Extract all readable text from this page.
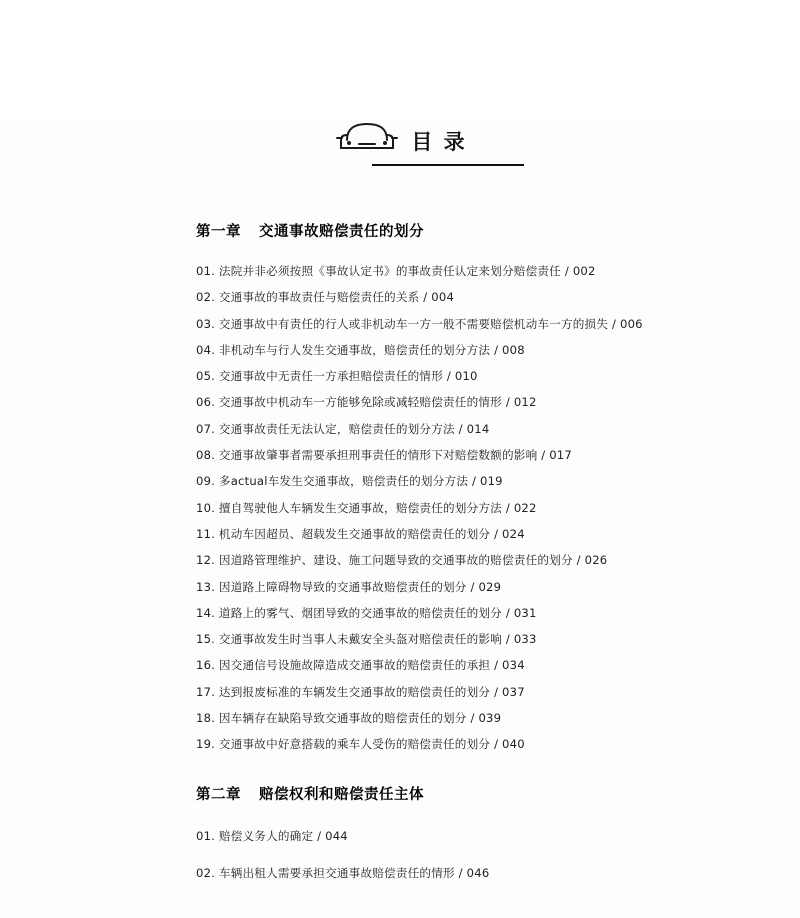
目 录
第一章 交通事故赔偿责任的划分
01. 法院并非必须按照《事故认定书》的事故责任认定来划分赔偿责任 / 002
02. 交通事故的事故责任与赔偿责任的关系 / 004
03. 交通事故中有责任的行人或非机动车一方一般不需要赔偿机动车一方的损失 / 006
04. 非机动车与行人发生交通事故，赔偿责任的划分方法 / 008
05. 交通事故中无责任一方承担赔偿责任的情形 / 010
06. 交通事故中机动车一方能够免除或减轻赔偿责任的情形 / 012
07. 交通事故责任无法认定，赔偿责任的划分方法 / 014
08. 交通事故肇事者需要承担刑事责任的情形下对赔偿数额的影响 / 017
09. 多actual车发生交通事故，赔偿责任的划分方法 / 019
10. 擅自驾驶他人车辆发生交通事故，赔偿责任的划分方法 / 022
11. 机动车因超员、超载发生交通事故的赔偿责任的划分 / 024
12. 因道路管理维护、建设、施工问题导致的交通事故的赔偿责任的划分 / 026
13. 因道路上障碍物导致的交通事故赔偿责任的划分 / 029
14. 道路上的雾气、烟团导致的交通事故的赔偿责任的划分 / 031
15. 交通事故发生时当事人未戴安全头盔对赔偿责任的影响 / 033
16. 因交通信号设施故障造成交通事故的赔偿责任的承担 / 034
17. 达到报废标准的车辆发生交通事故的赔偿责任的划分 / 037
18. 因车辆存在缺陷导致交通事故的赔偿责任的划分 / 039
19. 交通事故中好意搭载的乘车人受伤的赔偿责任的划分 / 040
第二章 赔偿权利和赔偿责任主体
01. 赔偿义务人的确定 / 044
02. 车辆出租人需要承担交通事故赔偿责任的情形 / 046
